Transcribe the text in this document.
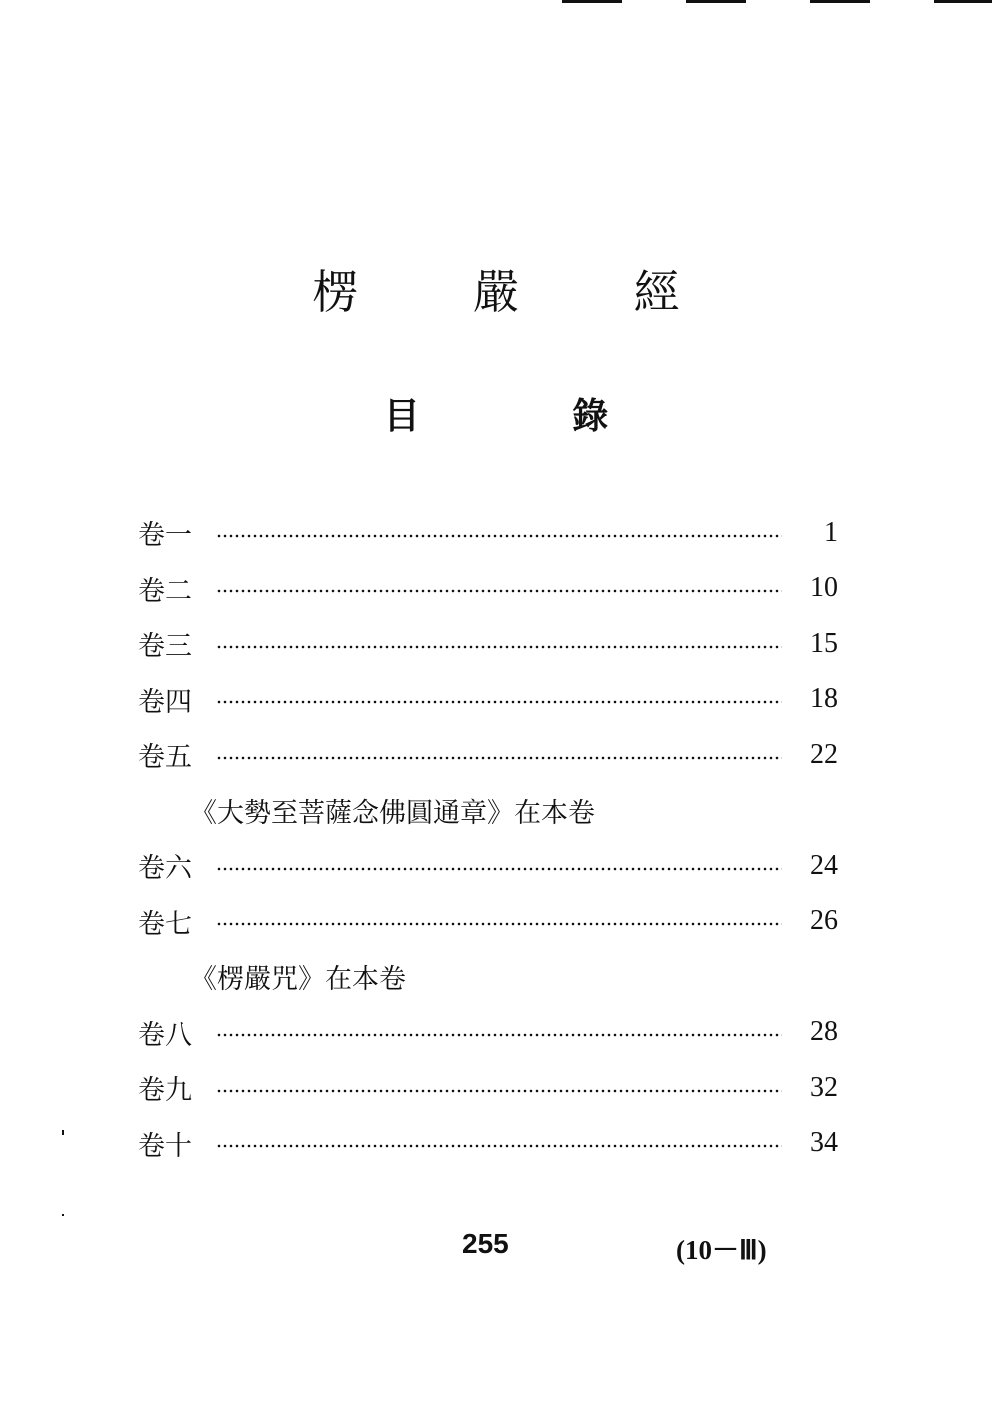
楞 嚴 經
目 錄
卷一	1
卷二	10
卷三	15
卷四	18
卷五	22
《大勢至菩薩念佛圓通章》在本卷
卷六	24
卷七	26
《楞嚴咒》在本卷
卷八	28
卷九	32
卷十	34
255	(10－Ⅲ)
